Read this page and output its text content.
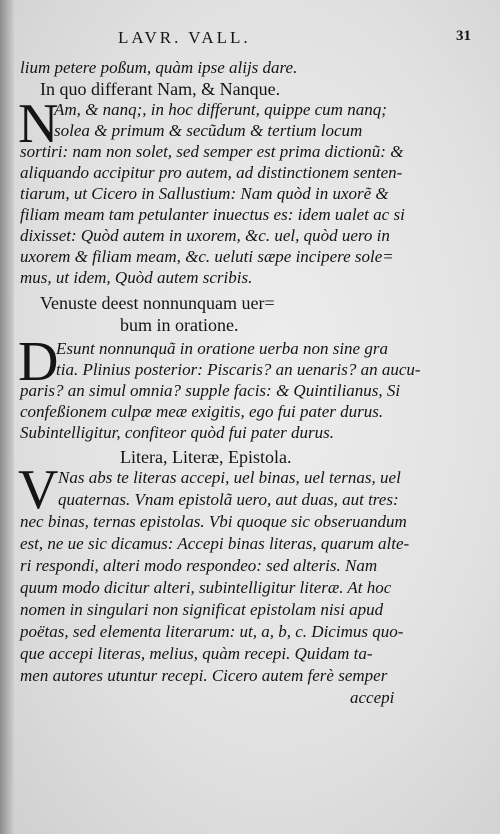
LAVR. VALL.	31
lium petere poßum, quàm ipse alijs dare.
In quo differant Nam, & Nanque.
N
Am, & nanq;, in hoc differunt, quippe cum nanq;
solea & primum & secũdum & tertium locum
sortiri: nam non solet, sed semper est prima dictionũ: &
aliquando accipitur pro autem, ad distinctionem senten-
tiarum, ut Cicero in Sallustium: Nam quòd in uxorẽ &
filiam meam tam petulanter inuectus es: idem ualet ac si
dixisset: Quòd autem in uxorem, &c. uel, quòd uero in
uxorem & filiam meam, &c. ueluti sæpe incipere sole=
mus, ut idem, Quòd autem scribis.
Venuste deest nonnunquam uer=
bum in oratione.
D
Esunt nonnunquã in oratione uerba non sine gra
tia. Plinius posterior: Piscaris? an uenaris? an aucu-
paris? an simul omnia? supple facis: & Quintilianus, Si
confeßionem culpæ meæ exigitis, ego fui pater durus.
Subintelligitur, confiteor quòd fui pater durus.
Litera, Literæ, Epistola.
V Nas abs te literas accepi, uel binas, uel ternas, uel
quaternas. Vnam epistolã uero, aut duas, aut tres:
nec binas, ternas epistolas. Vbi quoque sic obseruandum
est, ne ue sic dicamus: Accepi binas literas, quarum alte-
ri respondi, alteri modo respondeo: sed alteris. Nam
quum modo dicitur alteri, subintelligitur literæ. At hoc
nomen in singulari non significat epistolam nisi apud
poëtas, sed elementa literarum: ut, a, b, c. Dicimus quo-
que accepi literas, melius, quàm recepi. Quidam ta-
men autores utuntur recepi. Cicero autem ferè semper
accepi
